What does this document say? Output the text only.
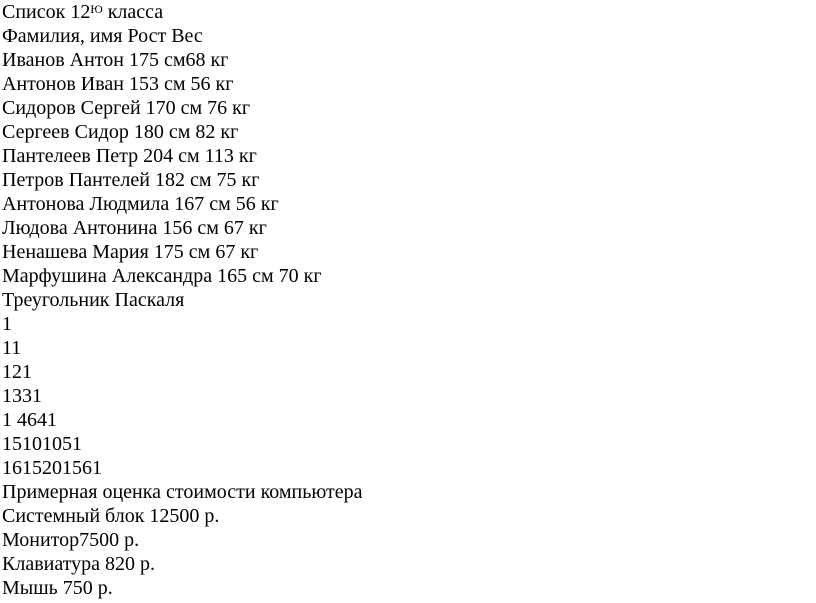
Список $12^Ю$ класса
Фамилия, имя Рост Вес
Иванов Антон 175 см68 кг
Антонов Иван 153 см 56 кг
Сидоров Сергей 170 см 76 кг
Сергеев Сидор 180 см 82 кг
Пантелеев Петр 204 см 113 кг
Петров Пантелей 182 см 75 кг
Антонова Людмила 167 см 56 кг
Людова Антонина 156 см 67 кг
Ненашева Мария 175 см 67 кг
Марфушина Александра 165 см 70 кг
Треугольник Паскаля
1
11
121
1331
1 4641
15101051
1615201561
Примерная оценка стоимости компьютера
Системный блок 12500 р.
Монитор7500 р.
Клавиатура 820 р.
Мышь 750 р.
